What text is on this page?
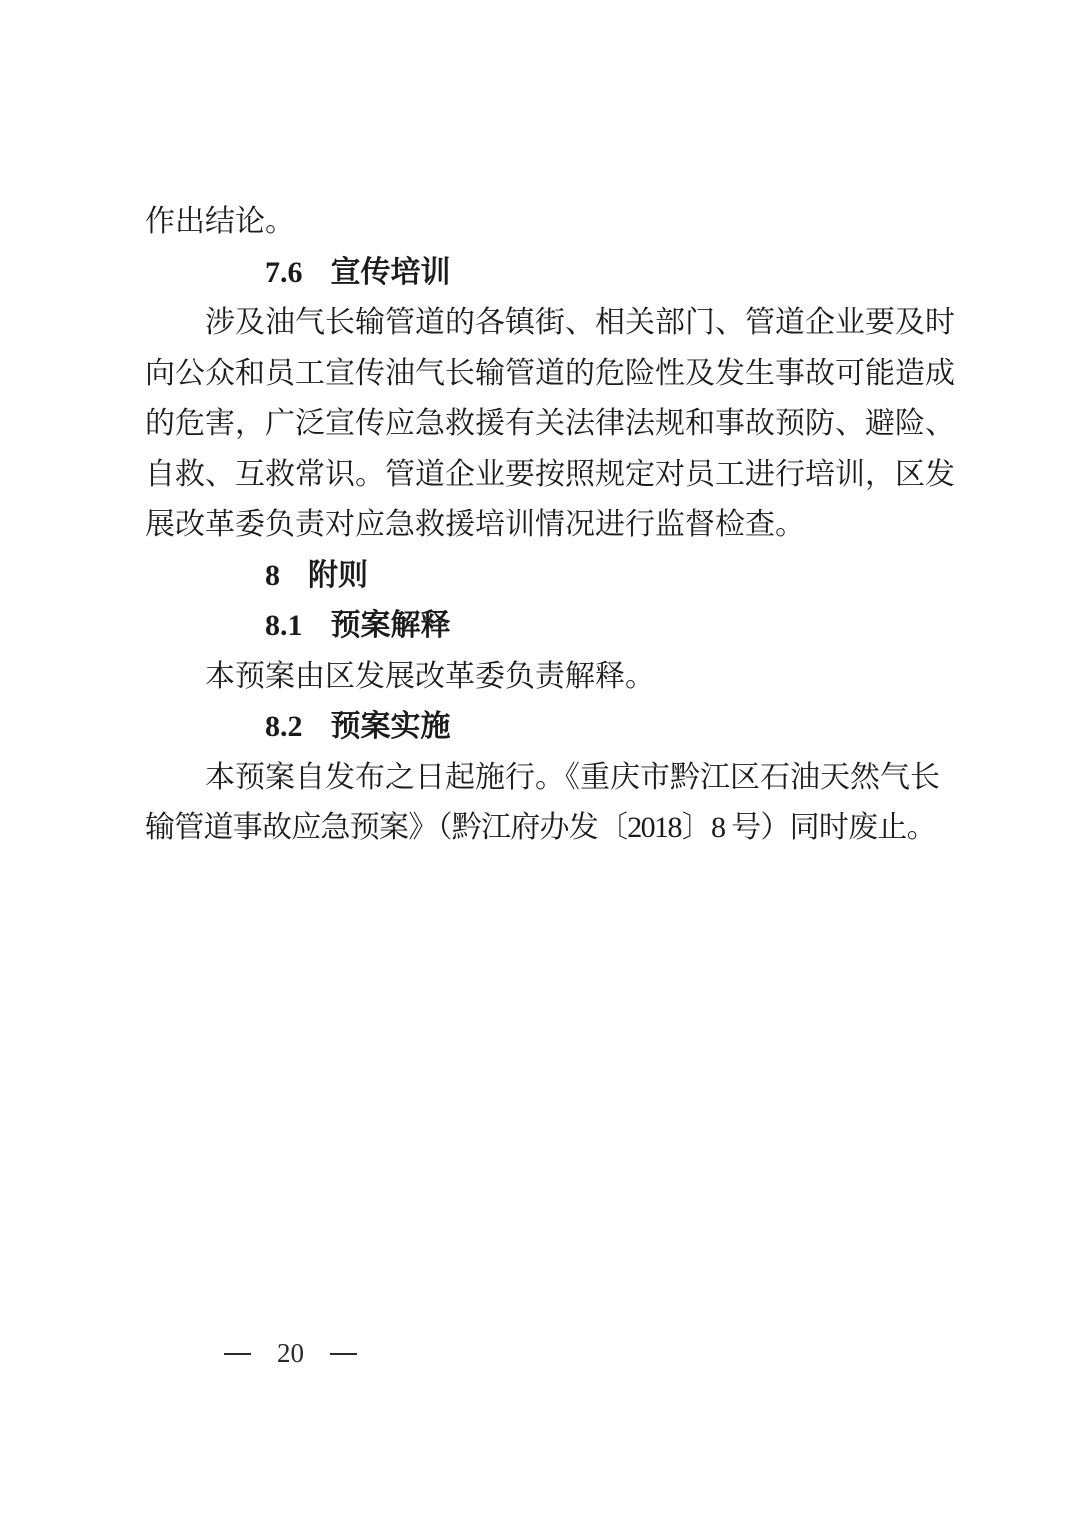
作出结论。
7.6 宣传培训
涉及油气长输管道的各镇街、相关部门、管道企业要及时
向公众和员工宣传油气长输管道的危险性及发生事故可能造成
的危害，广泛宣传应急救援有关法律法规和事故预防、避险、
自救、互救常识。管道企业要按照规定对员工进行培训，区发
展改革委负责对应急救援培训情况进行监督检查。
8 附则
8.1 预案解释
本预案由区发展改革委负责解释。
8.2 预案实施
本预案自发布之日起施行。《重庆市黔江区石油天然气长
输管道事故应急预案》（黔江府办发〔2018〕8 号）同时废止。
20
